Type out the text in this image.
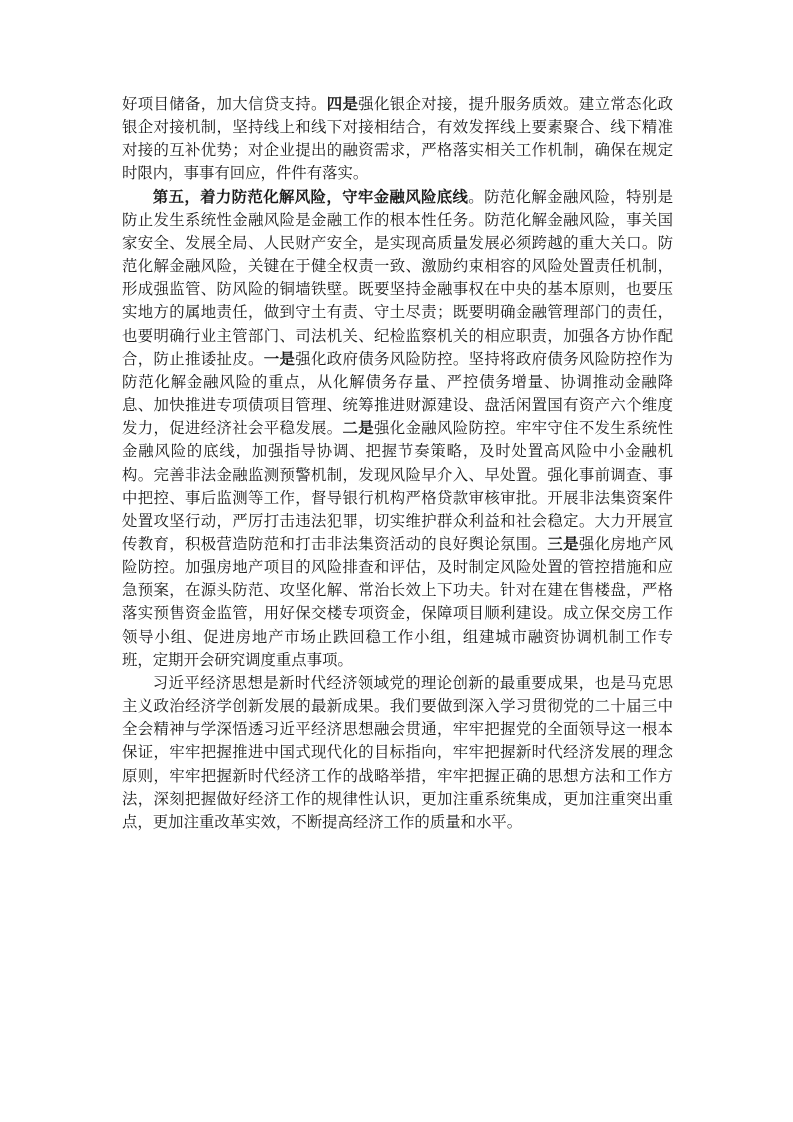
好项目储备，加大信贷支持。四是强化银企对接，提升服务质效。建立常态化政银企对接机制，坚持线上和线下对接相结合，有效发挥线上要素聚合、线下精准对接的互补优势；对企业提出的融资需求，严格落实相关工作机制，确保在规定时限内，事事有回应，件件有落实。

第五，着力防范化解风险，守牢金融风险底线。防范化解金融风险，特别是防止发生系统性金融风险是金融工作的根本性任务。防范化解金融风险，事关国家安全、发展全局、人民财产安全，是实现高质量发展必须跨越的重大关口。防范化解金融风险，关键在于健全权责一致、激励约束相容的风险处置责任机制，形成强监管、防风险的铜墙铁壁。既要坚持金融事权在中央的基本原则，也要压实地方的属地责任，做到守土有责、守土尽责；既要明确金融管理部门的责任，也要明确行业主管部门、司法机关、纪检监察机关的相应职责，加强各方协作配合，防止推诿扯皮。一是强化政府债务风险防控。坚持将政府债务风险防控作为防范化解金融风险的重点，从化解债务存量、严控债务增量、协调推动金融降息、加快推进专项债项目管理、统筹推进财源建设、盘活闲置国有资产六个维度发力，促进经济社会平稳发展。二是强化金融风险防控。牢牢守住不发生系统性金融风险的底线，加强指导协调、把握节奏策略，及时处置高风险中小金融机构。完善非法金融监测预警机制，发现风险早介入、早处置。强化事前调查、事中把控、事后监测等工作，督导银行机构严格贷款审核审批。开展非法集资案件处置攻坚行动，严厉打击违法犯罪，切实维护群众利益和社会稳定。大力开展宣传教育，积极营造防范和打击非法集资活动的良好舆论氛围。三是强化房地产风险防控。加强房地产项目的风险排查和评估，及时制定风险处置的管控措施和应急预案，在源头防范、攻坚化解、常治长效上下功夫。针对在建在售楼盘，严格落实预售资金监管，用好保交楼专项资金，保障项目顺利建设。成立保交房工作领导小组、促进房地产市场止跌回稳工作小组，组建城市融资协调机制工作专班，定期开会研究调度重点事项。

习近平经济思想是新时代经济领域党的理论创新的最重要成果，也是马克思主义政治经济学创新发展的最新成果。我们要做到深入学习贯彻党的二十届三中全会精神与学深悟透习近平经济思想融会贯通，牢牢把握党的全面领导这一根本保证，牢牢把握推进中国式现代化的目标指向，牢牢把握新时代经济发展的理念原则，牢牢把握新时代经济工作的战略举措，牢牢把握正确的思想方法和工作方法，深刻把握做好经济工作的规律性认识，更加注重系统集成，更加注重突出重点，更加注重改革实效，不断提高经济工作的质量和水平。
